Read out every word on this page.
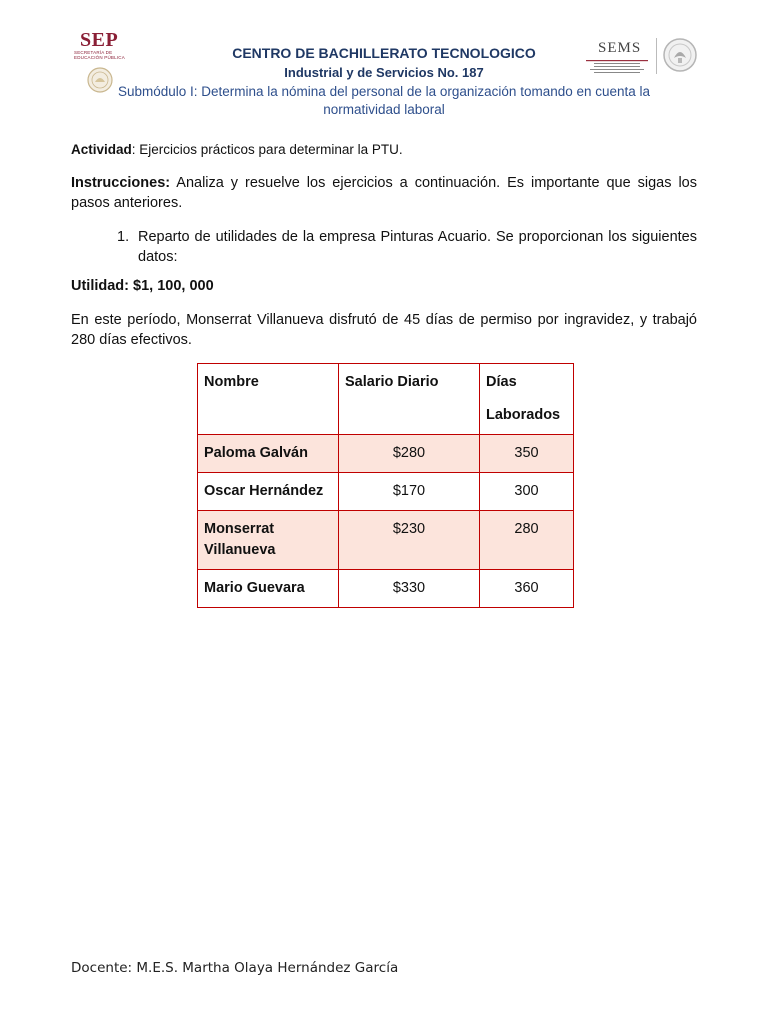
SEP
SECRETARÍA DE
EDUCACIÓN PÚBLICA
SEMS
CENTRO DE BACHILLERATO TECNOLOGICO
Industrial y de Servicios No. 187
Submódulo I: Determina la nómina del personal de la organización tomando en cuenta la normatividad laboral
Actividad: Ejercicios prácticos para determinar la PTU.
Instrucciones: Analiza y resuelve los ejercicios a continuación. Es importante que sigas los pasos anteriores.
1. Reparto de utilidades de la empresa Pinturas Acuario. Se proporcionan los siguientes datos:
Utilidad: $1, 100, 000
En este período, Monserrat Villanueva disfrutó de 45 días de permiso por ingravidez, y trabajó 280 días efectivos.
Nombre	Salario Diario	Días
Laborados

Paloma Galván	$280	350
Oscar Hernández	$170	300

Monserrat
Villanueva	$230	280
Mario Guevara	$330	360
Docente: M.E.S. Martha Olaya Hernández García
